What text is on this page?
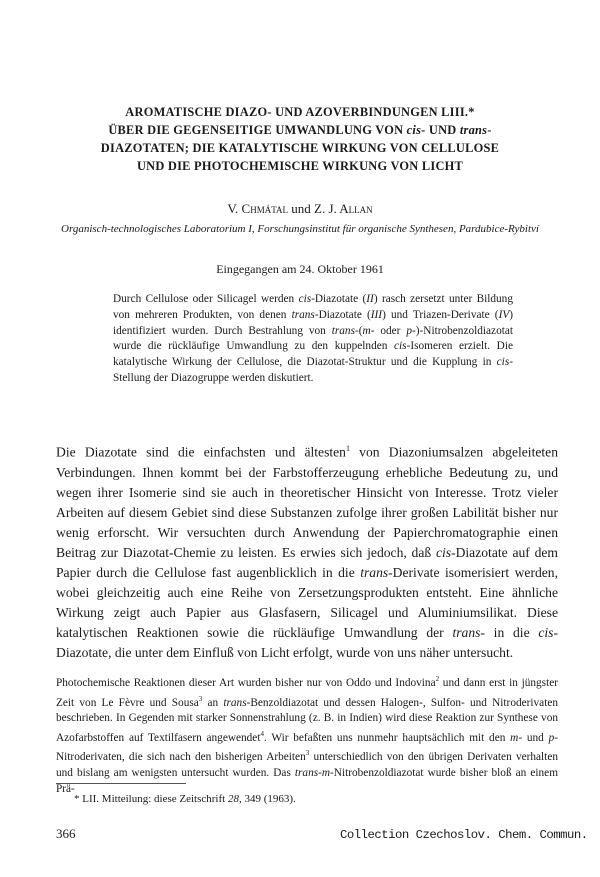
AROMATISCHE DIAZO- UND AZOVERBINDUNGEN LIII.*
ÜBER DIE GEGENSEITIGE UMWANDLUNG VON cis- UND trans-
DIAZOTATEN; DIE KATALYTISCHE WIRKUNG VON CELLULOSE
UND DIE PHOTOCHEMISCHE WIRKUNG VON LICHT
V. Chmátal und Z. J. Allan
Organisch-technologisches Laboratorium I, Forschungsinstitut für organische Synthesen, Pardubice-Rybitví
Eingegangen am 24. Oktober 1961
Durch Cellulose oder Silicagel werden cis-Diazotate (II) rasch zersetzt unter Bildung von mehreren Produkten, von denen trans-Diazotate (III) und Triazen-Derivate (IV) identifiziert wurden. Durch Bestrahlung von trans-(m- oder p-)-Nitrobenzoldiazotat wurde die rückläufige Umwandlung zu den kuppelnden cis-Isomeren erzielt. Die katalytische Wirkung der Cellulose, die Diazotat-Struktur und die Kupplung in cis-Stellung der Diazogruppe werden diskutiert.

Die Diazotate sind die einfachsten und ältesten$^1$ von Diazoniumsalzen abgeleiteten Verbindungen. Ihnen kommt bei der Farbstofferzeugung erhebliche Bedeutung zu, und wegen ihrer Isomerie sind sie auch in theoretischer Hinsicht von Interesse. Trotz vieler Arbeiten auf diesem Gebiet sind diese Substanzen zufolge ihrer großen Labilität bisher nur wenig erforscht. Wir versuchten durch Anwendung der Papierchromatographie einen Beitrag zur Diazotat-Chemie zu leisten. Es erwies sich jedoch, daß cis-Diazotate auf dem Papier durch die Cellulose fast augenblicklich in die trans-Derivate isomerisiert werden, wobei gleichzeitig auch eine Reihe von Zersetzungsprodukten entsteht. Eine ähnliche Wirkung zeigt auch Papier aus Glasfasern, Silicagel und Aluminiumsilikat. Diese katalytischen Reaktionen sowie die rückläufige Umwandlung der trans- in die cis-Diazotate, die unter dem Einfluß von Licht erfolgt, wurde von uns näher untersucht.

Photochemische Reaktionen dieser Art wurden bisher nur von Oddo und Indovina$^2$ und dann erst in jüngster Zeit von Le Fèvre und Sousa$^3$ an trans-Benzoldiazotat und dessen Halogen-, Sulfon- und Nitroderivaten beschrieben. In Gegenden mit starker Sonnenstrahlung (z. B. in Indien) wird diese Reaktion zur Synthese von Azofarbstoffen auf Textilfasern angewendet$^4$. Wir befaßten uns nunmehr hauptsächlich mit den m- und p-Nitroderivaten, die sich nach den bisherigen Arbeiten$^3$ unterschiedlich von den übrigen Derivaten verhalten und bislang am wenigsten untersucht wurden. Das trans-m-Nitrobenzoldiazotat wurde bisher bloß an einem Prä-

* LII. Mitteilung: diese Zeitschrift 28, 349 (1963).
366	Collection Czechoslov. Chem. Commun.
